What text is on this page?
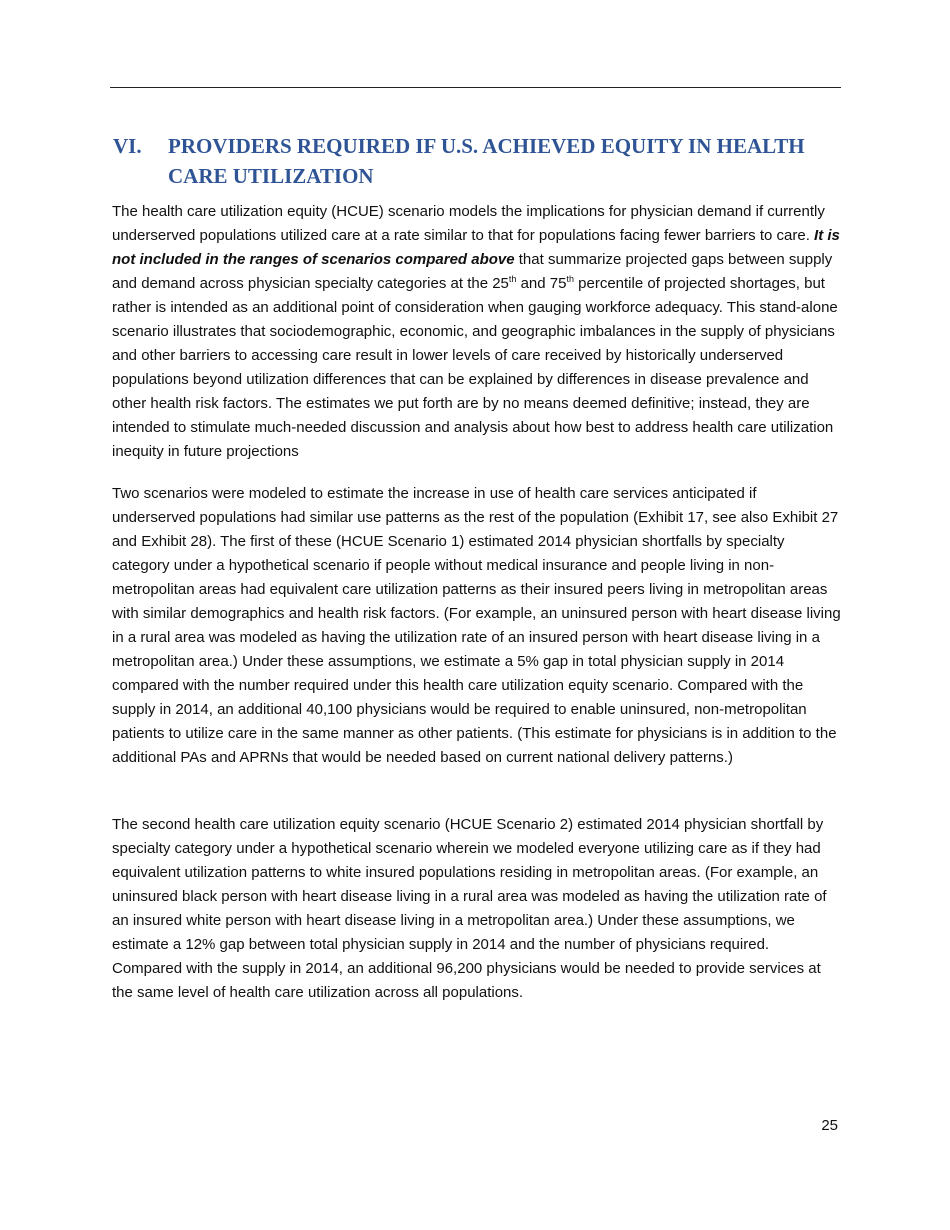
VI.	PROVIDERS REQUIRED IF U.S. ACHIEVED EQUITY IN HEALTH CARE UTILIZATION

The health care utilization equity (HCUE) scenario models the implications for physician demand if currently underserved populations utilized care at a rate similar to that for populations facing fewer barriers to care. It is not included in the ranges of scenarios compared above that summarize projected gaps between supply and demand across physician specialty categories at the 25th and 75th percentile of projected shortages, but rather is intended as an additional point of consideration when gauging workforce adequacy. This stand-alone scenario illustrates that sociodemographic, economic, and geographic imbalances in the supply of physicians and other barriers to accessing care result in lower levels of care received by historically underserved populations beyond utilization differences that can be explained by differences in disease prevalence and other health risk factors. The estimates we put forth are by no means deemed definitive; instead, they are intended to stimulate much-needed discussion and analysis about how best to address health care utilization inequity in future projections

Two scenarios were modeled to estimate the increase in use of health care services anticipated if underserved populations had similar use patterns as the rest of the population (Exhibit 17, see also Exhibit 27 and Exhibit 28). The first of these (HCUE Scenario 1) estimated 2014 physician shortfalls by specialty category under a hypothetical scenario if people without medical insurance and people living in non-metropolitan areas had equivalent care utilization patterns as their insured peers living in metropolitan areas with similar demographics and health risk factors. (For example, an uninsured person with heart disease living in a rural area was modeled as having the utilization rate of an insured person with heart disease living in a metropolitan area.) Under these assumptions, we estimate a 5% gap in total physician supply in 2014 compared with the number required under this health care utilization equity scenario. Compared with the supply in 2014, an additional 40,100 physicians would be required to enable uninsured, non-metropolitan patients to utilize care in the same manner as other patients. (This estimate for physicians is in addition to the additional PAs and APRNs that would be needed based on current national delivery patterns.)

The second health care utilization equity scenario (HCUE Scenario 2) estimated 2014 physician shortfall by specialty category under a hypothetical scenario wherein we modeled everyone utilizing care as if they had equivalent utilization patterns to white insured populations residing in metropolitan areas. (For example, an uninsured black person with heart disease living in a rural area was modeled as having the utilization rate of an insured white person with heart disease living in a metropolitan area.) Under these assumptions, we estimate a 12% gap between total physician supply in 2014 and the number of physicians required. Compared with the supply in 2014, an additional 96,200 physicians would be needed to provide services at the same level of health care utilization across all populations.

25
